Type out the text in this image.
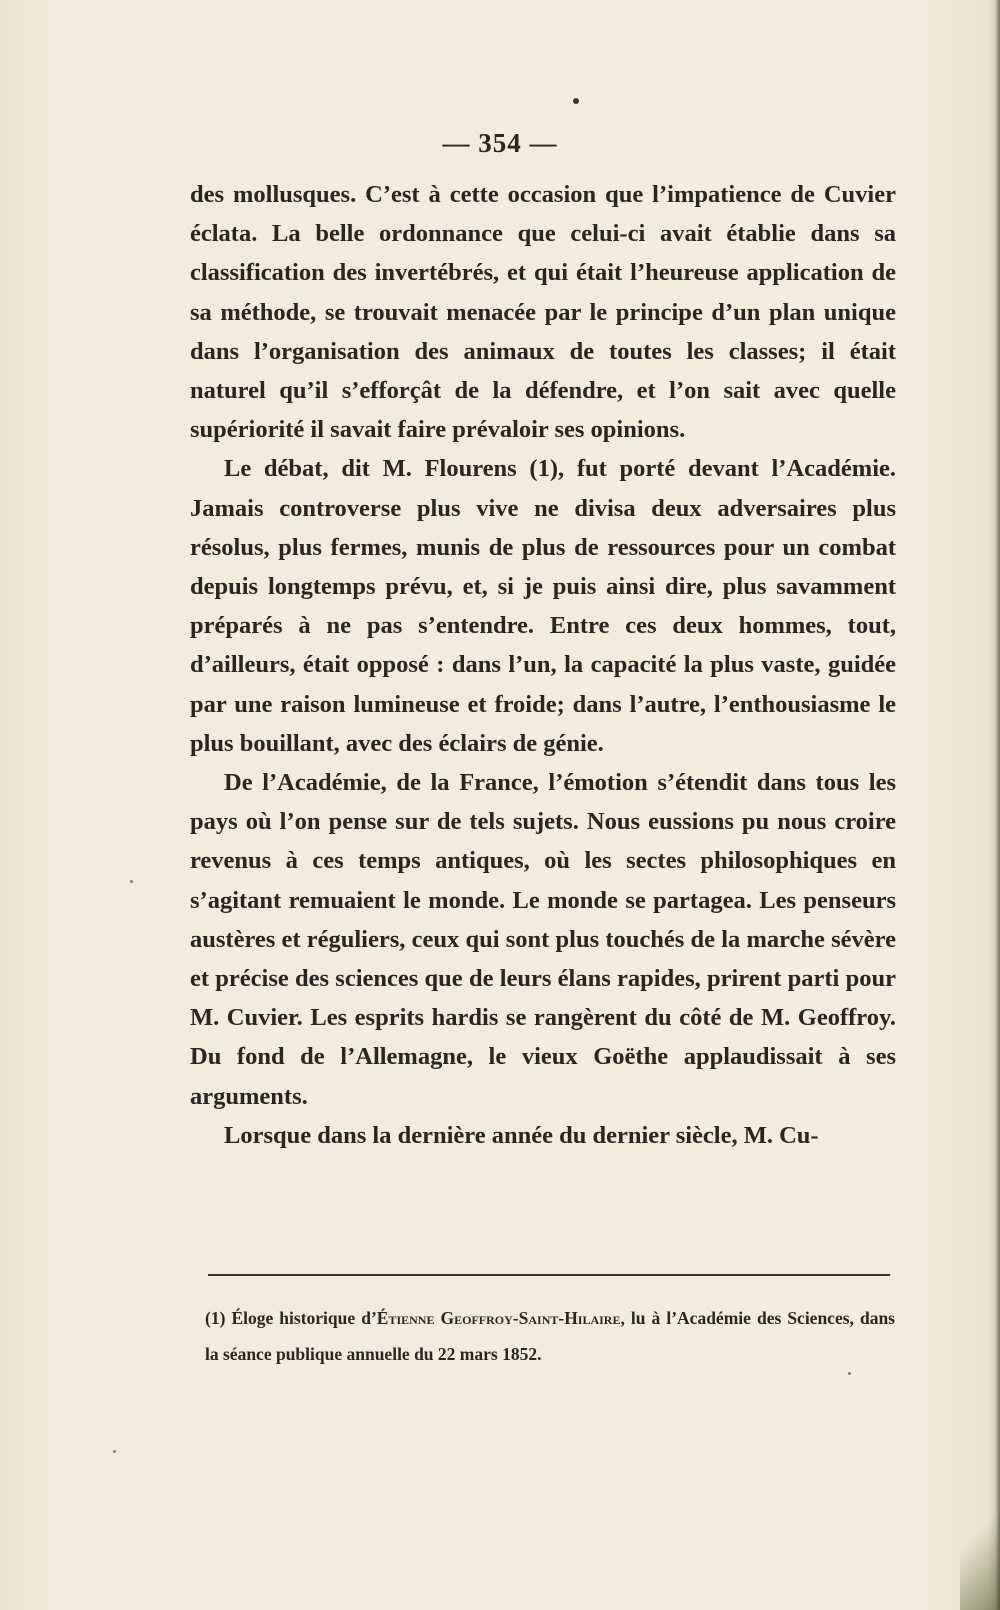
— 354 —

des mollusques. C’est à cette occasion que l’impatience de Cuvier éclata. La belle ordonnance que celui-ci avait établie dans sa classification des invertébrés, et qui était l’heureuse application de sa méthode, se trouvait menacée par le principe d’un plan unique dans l’organisation des animaux de toutes les classes; il était naturel qu’il s’efforçât de la défendre, et l’on sait avec quelle supériorité il savait faire prévaloir ses opinions.

Le débat, dit M. Flourens (1), fut porté devant l’Académie. Jamais controverse plus vive ne divisa deux adversaires plus résolus, plus fermes, munis de plus de ressources pour un combat depuis longtemps prévu, et, si je puis ainsi dire, plus savamment préparés à ne pas s’entendre. Entre ces deux hommes, tout, d’ailleurs, était opposé : dans l’un, la capacité la plus vaste, guidée par une raison lumineuse et froide; dans l’autre, l’enthousiasme le plus bouillant, avec des éclairs de génie.

De l’Académie, de la France, l’émotion s’étendit dans tous les pays où l’on pense sur de tels sujets. Nous eussions pu nous croire revenus à ces temps antiques, où les sectes philosophiques en s’agitant remuaient le monde. Le monde se partagea. Les penseurs austères et réguliers, ceux qui sont plus touchés de la marche sévère et précise des sciences que de leurs élans rapides, prirent parti pour M. Cuvier. Les esprits hardis se rangèrent du côté de M. Geoffroy. Du fond de l’Allemagne, le vieux Goëthe applaudissait à ses arguments.

Lorsque dans la dernière année du dernier siècle, M. Cu-

(1) Éloge historique d’Étienne Geoffroy-Saint-Hilaire, lu à l’Académie des Sciences, dans la séance publique annuelle du 22 mars 1852.
